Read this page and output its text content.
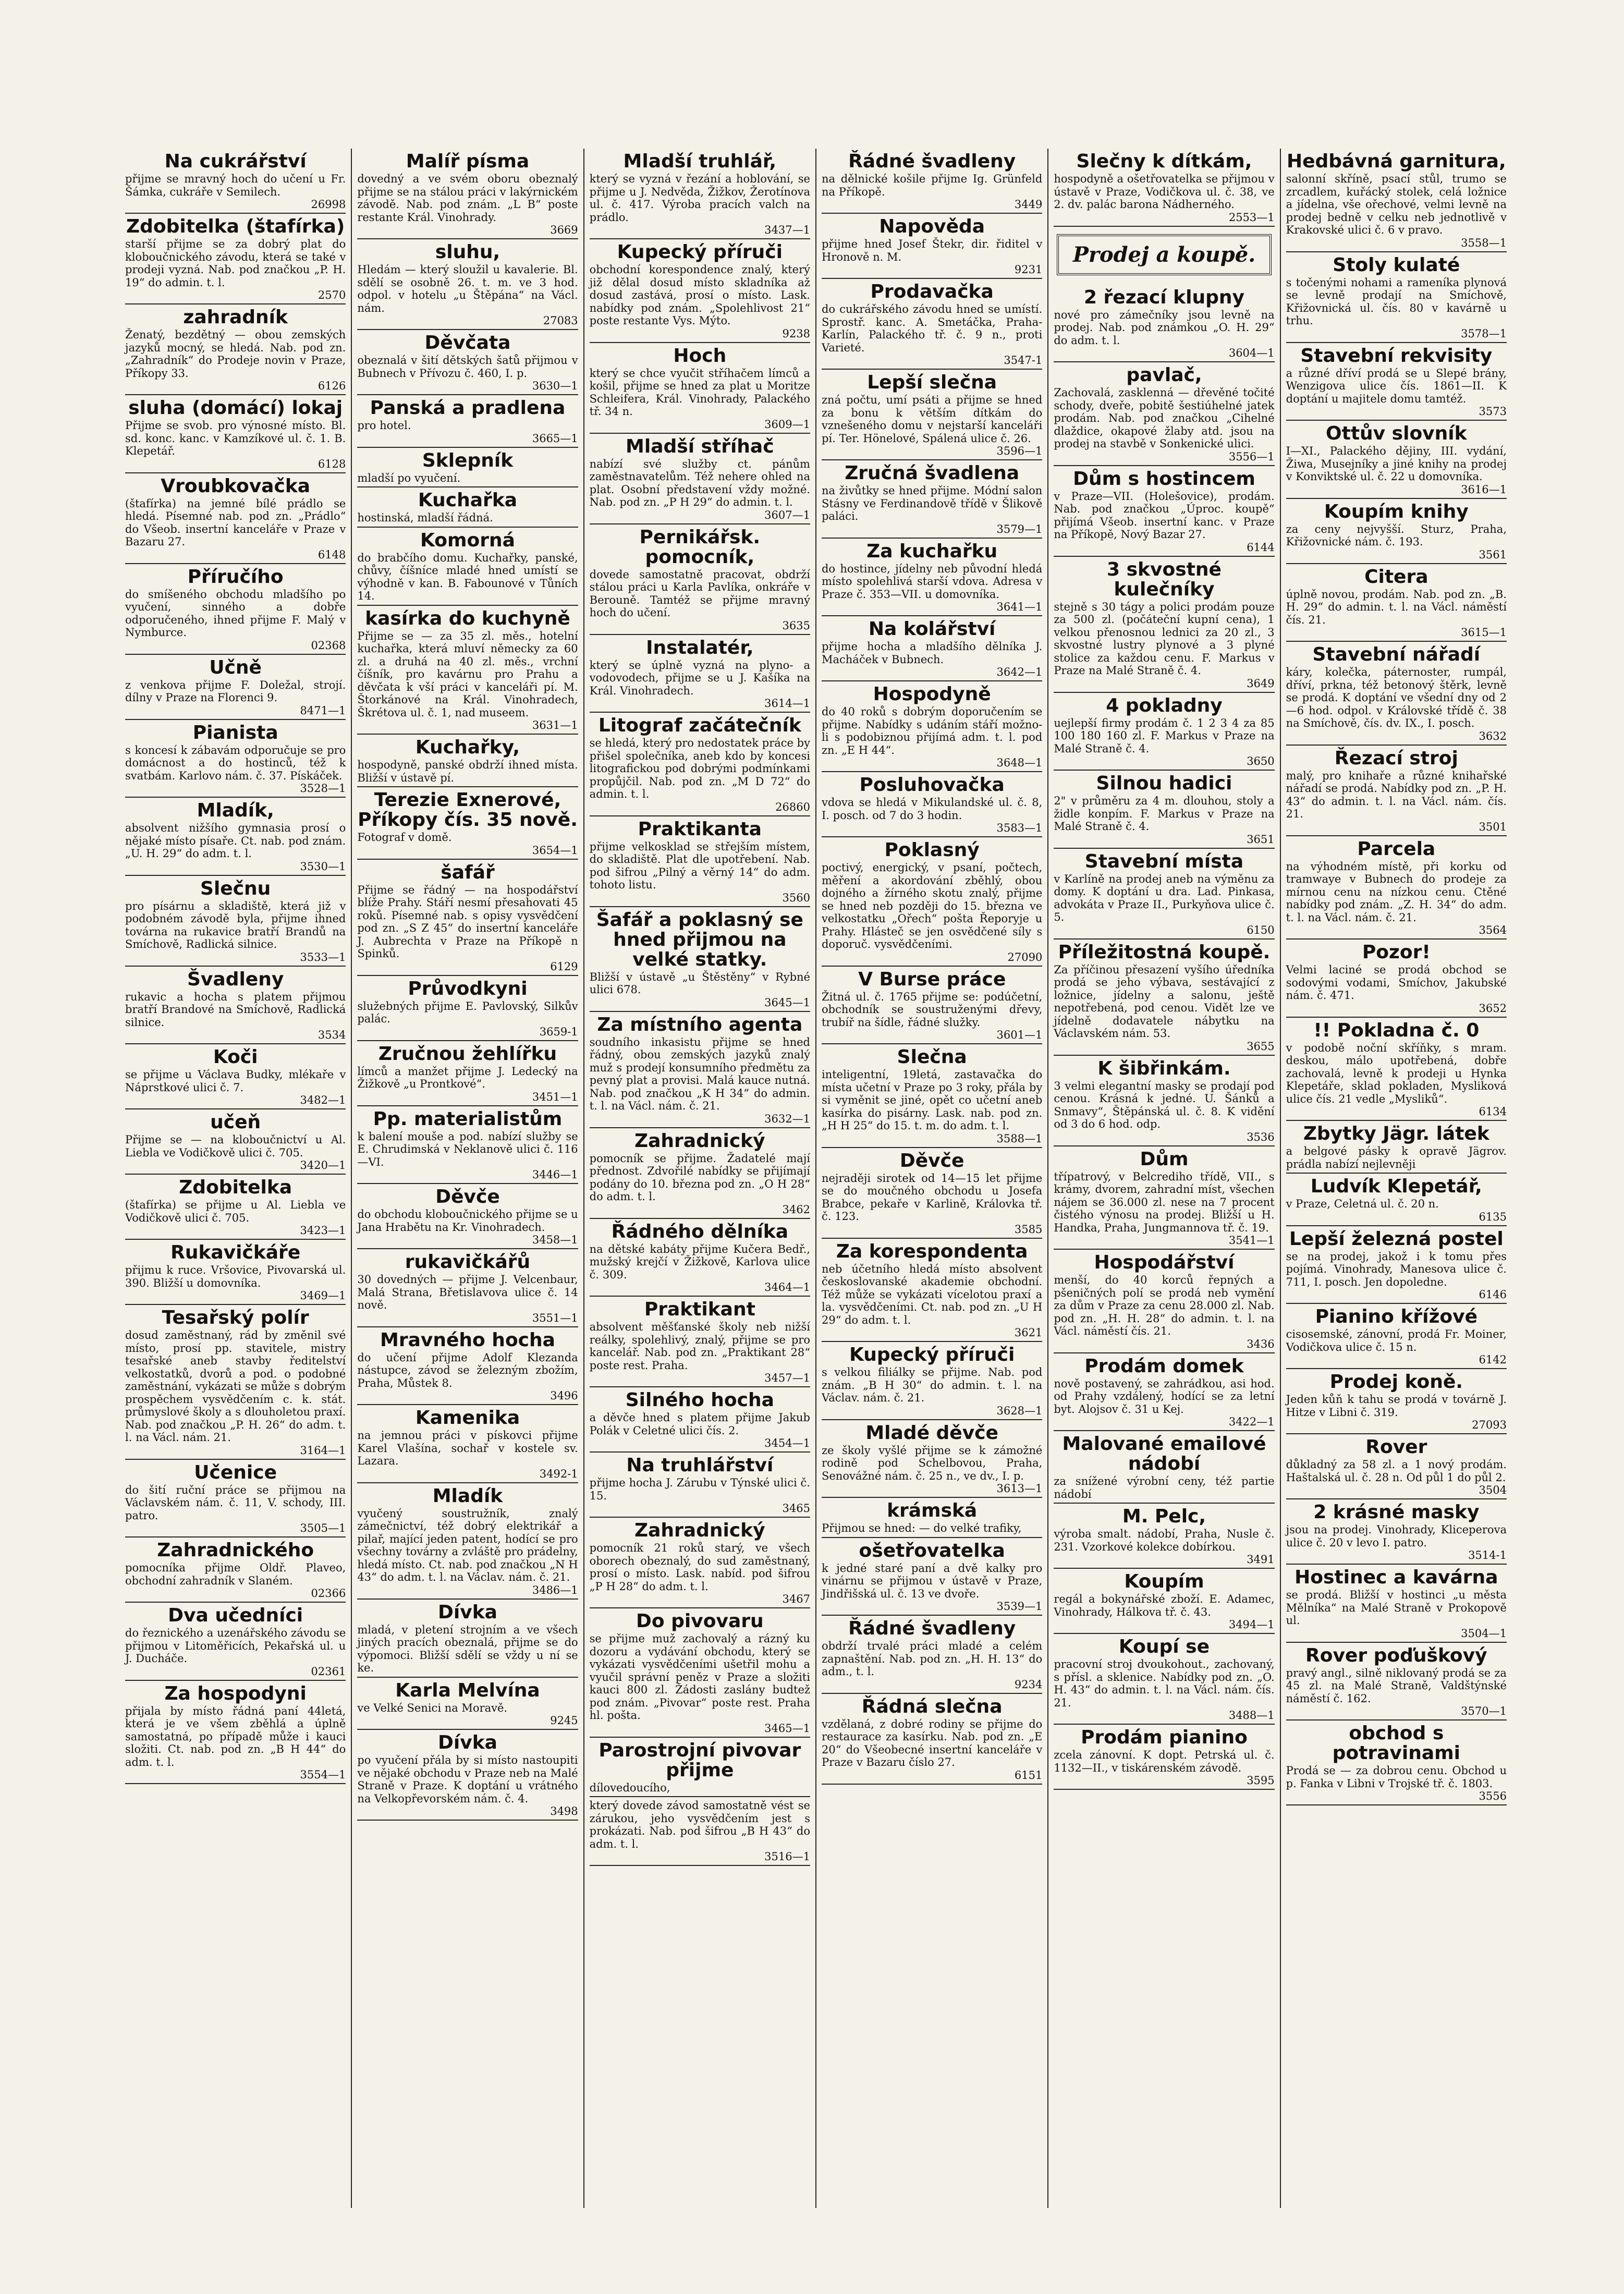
Na cukrářství
přijme se mravný hoch do učení u Fr. Šámka, cukráře v Semilech.
26998
Zdobitelka (štafírka)
starší přijme se za dobrý plat do kloboučnického závodu, která se také v prodeji vyzná. Nab. pod značkou „P. H. 19“ do admin. t. l.
2570
zahradník
Ženatý, bezdětný — obou zemských jazyků mocný, se hledá. Nab. pod zn. „Zahradník“ do Prodeje novin v Praze, Příkopy 33.
6126
sluha (domácí) lokaj
Přijme se svob. pro výnosné místo. Bl. sd. konc. kanc. v Kamzíkové ul. č. 1. B. Klepetář.
6128
Vroubkovačka
(štafírka) na jemné bílé prádlo se hledá. Písemné nab. pod zn. „Prádlo“ do Všeob. insertní kanceláře v Praze v Bazaru 27.
6148
Příručího
do smíšeného obchodu mladšího po vyučení, sinného a dobře odporučeného, ihned přijme F. Malý v Nymburce.
02368
Učně
z venkova přijme F. Doležal, strojí. dílny v Praze na Florenci 9.
8471—1
Pianista
s koncesí k zábavám odporučuje se pro domácnost a do hostinců, též k svatbám. Karlovo nám. č. 37. Pískáček.
3528—1
Mladík,
absolvent nižšího gymnasia prosí o nějaké místo písaře. Ct. nab. pod znám. „U. H. 29“ do adm. t. l.
3530—1
Slečnu
pro písárnu a skladiště, která již v podobném závodě byla, přijme ihned továrna na rukavice bratří Brandů na Smíchově, Radlická silnice.
3533—1
Švadleny
rukavic a hocha s platem přijmou bratří Brandové na Smíchově, Radlická silnice.
3534
Koči
se přijme u Václava Budky, mlékaře v Náprstkové ulici č. 7.
3482—1
učeň
Přijme se — na kloboučnictví u Al. Liebla ve Vodičkově ulici č. 705.
3420—1
Zdobitelka
(štafírka) se přijme u Al. Liebla ve Vodičkově ulici č. 705.
3423—1
Rukavičkáře
přijmu k ruce. Vršovice, Pivovarská ul. 390. Bližší u domovníka.
3469—1
Tesařský polír
dosud zaměstnaný, rád by změnil své místo, prosí pp. stavitele, mistry tesařské aneb stavby ředitelství velkostatků, dvorů a pod. o podobné zaměstnání, vykázati se může s dobrým prospěchem vysvědčením c. k. stát. průmyslové školy a s dlouholetou praxí. Nab. pod značkou „P. H. 26“ do adm. t. l. na Václ. nám. 21.
3164—1
Učenice
do šití ruční práce se přijmou na Václavském nám. č. 11, V. schody, III. patro.
3505—1
Zahradnického
pomocníka přijme Oldř. Plaveo, obchodní zahradník v Slaném.
02366
Dva učedníci
do řeznického a uzenářského závodu se přijmou v Litoměřicích, Pekařská ul. u J. Ducháče.
02361
Za hospodyni
přijala by místo řádná paní 44letá, která je ve všem zběhlá a úplně samostatná, po případě může i kauci složiti. Ct. nab. pod zn. „B H 44“ do adm. t. l.
3554—1
Malíř písma
dovedný a ve svém oboru obeznalý přijme se na stálou práci v lakýrnickém závodě. Nab. pod znám. „L B“ poste restante Král. Vinohrady.
3669
sluhu,
Hledám — který sloužil u kavalerie. Bl. sdělí se osobně 26. t. m. ve 3 hod. odpol. v hotelu „u Štěpána“ na Václ. nám.
27083
Děvčata
obeznalá v šití dětských šatů přijmou v Bubnech v Přívozu č. 460, I. p.
3630—1
Panská a pradlena
pro hotel.
3665—1
Sklepník
mladší po vyučení.
Kuchařka
hostinská, mladší řádná.
Komorná
do brabčího domu. Kuchařky, panské, chůvy, číšníce mladé hned umístí se výhodně v kan. B. Fabounové v Tůních 14.
kasírka do kuchyně
Přijme se — za 35 zl. měs., hotelní kuchařka, která mluví německy za 60 zl. a druhá na 40 zl. měs., vrchní číšník, pro kavárnu pro Prahu a děvčata k vší práci v kanceláři pí. M. Štorkánové na Král. Vinohradech, Škrétova ul. č. 1, nad museem.
3631—1
Kuchařky,
hospodyně, panské obdrží ihned místa. Bližší v ústavě pí.
Terezie Exnerové, Příkopy čís. 35 nově.
Fotograf v domě.
3654—1
šafář
Přijme se řádný — na hospodářství blíže Prahy. Stáří nesmí přesahovati 45 roků. Písemné nab. s opisy vysvědčení pod zn. „S Z 45“ do insertní kanceláře J. Aubrechta v Praze na Příkopě n Spinků.
6129
Průvodkyni
služebných přijme E. Pavlovský, Silkův palác.
3659-1
Zručnou žehlířku
límců a manžet přijme J. Ledecký na Žižkově „u Prontkové“.
3451—1
Pp. materialistům
k balení mouše a pod. nabízí služby se E. Chrudimská v Neklanově ulici č. 116—VI.
3446—1
Děvče
do obchodu kloboučnického přijme se u Jana Hrabětu na Kr. Vinohradech.
3458—1
rukavičkářů
30 dovedných — přijme J. Velcenbaur, Malá Strana, Břetislavova ulice č. 14 nově.
3551—1
Mravného hocha
do učení přijme Adolf Klezanda nástupce, závod se železným zbožím, Praha, Můstek 8.
3496
Kamenika
na jemnou práci v pískovci přijme Karel Vlašína, sochař v kostele sv. Lazara.
3492-1
Mladík
vyučený soustružník, znalý zámečnictví, též dobrý elektrikář a pilař, mající jeden patent, hodící se pro všechny továrny a zvláště pro prádelny, hledá místo. Ct. nab. pod značkou „N H 43“ do adm. t. l. na Václav. nám. č. 21.
3486—1
Dívka
mladá, v pletení strojním a ve všech jiných pracích obeznalá, přijme se do výpomoci. Bližší sdělí se vždy u ní se ke.
Karla Melvína
ve Velké Senici na Moravě.
9245
Dívka
po vyučení přála by si místo nastoupiti ve nějaké obchodu v Praze neb na Malé Straně v Praze. K doptání u vrátného na Velkopřevorském nám. č. 4.
3498
Mladší truhlář,
který se vyzná v řezání a hoblování, se přijme u J. Nedvěda, Žižkov, Žerotínova ul. č. 417. Výroba pracích valch na prádlo.
3437—1
Kupecký příruči
obchodní korespondence znalý, který již dělal dosud místo skladníka až dosud zastává, prosí o místo. Lask. nabídky pod znám. „Spolehlivost 21“ poste restante Vys. Mýto.
9238
Hoch
který se chce vyučit stříhačem límců a košil, přijme se hned za plat u Moritze Schleifera, Král. Vinohrady, Palackého tř. 34 n.
3609—1
Mladší stříhač
nabízí své služby ct. pánům zaměstnavatelům. Též nehere ohled na plat. Osobní představení vždy možné. Nab. pod zn. „P H 29“ do admin. t. l.
3607—1
Pernikářsk. pomocník,
dovede samostatně pracovat, obdrží stálou práci u Karla Pavlíka, onkráře v Berouně. Tamtéž se přijme mravný hoch do učení.
3635
Instalatér,
který se úplně vyzná na plyno- a vodovodech, přijme se u J. Kašíka na Král. Vinohradech.
3614—1
Litograf začátečník
se hledá, který pro nedostatek práce by přišel společníka, aneb kdo by koncesi litografickou pod dobrými podmínkami propůjčil. Nab. pod zn. „M D 72“ do admin. t. l.
26860
Praktikanta
přijme velkosklad se střejším místem, do skladiště. Plat dle upotřebení. Nab. pod šifrou „Pilný a věrný 14“ do adm. tohoto listu.
3560
Šafář a poklasný se hned přijmou na velké statky.
Bližší v ústavě „u Štěstěny“ v Rybné ulici 678.
3645—1
Za místního agenta
soudního inkasistu přijme se hned řádný, obou zemských jazyků znalý muž s prodejí konsumního předmětu za pevný plat a provisi. Malá kauce nutná. Nab. pod značkou „K H 34“ do admin. t. l. na Václ. nám. č. 21.
3632—1
Zahradnický
pomocník se přijme. Žadatelé mají přednost. Zdvořilé nabídky se přijímají podány do 10. března pod zn. „O H 28“ do adm. t. l.
3462
Řádného dělníka
na dětské kabáty přijme Kučera Bedř., mužský krejčí v Žižkově, Karlova ulice č. 309.
3464—1
Praktikant
absolvent měšťanské školy neb nižší reálky, spolehlivý, znalý, přijme se pro kancelář. Nab. pod zn. „Praktikant 28“ poste rest. Praha.
3457—1
Silného hocha
a děvče hned s platem přijme Jakub Polák v Celetné ulici čís. 2.
3454—1
Na truhlářství
přijme hocha J. Zárubu v Týnské ulici č. 15.
3465
Zahradnický
pomocník 21 roků starý, ve všech oborech obeznalý, do sud zaměstnaný, prosí o místo. Lask. nabíd. pod šifrou „P H 28“ do adm. t. l.
3467
Do pivovaru
se přijme muž zachovalý a rázný ku dozoru a vydávání obchodu, který se vykázati vysvědčeními ušetřil mohu a vyučil správní peněz v Praze a složiti kauci 800 zl. Žádosti zaslány budtež pod znám. „Pivovar“ poste rest. Praha hl. pošta.
3465—1
Parostrojní pivovar přijme
dílovedoucího,
který dovede závod samostatně vést se zárukou, jeho vysvědčením jest s prokázati. Nab. pod šifrou „B H 43“ do adm. t. l.
3516—1
Řádné švadleny
na dělnické košile přijme Ig. Grünfeld na Příkopě.
3449
Napověda
přijme hned Josef Štekr, dir. řiditel v Hronově n. M.
9231
Prodavačka
do cukrářského závodu hned se umístí. Sprostř. kanc. A. Smetáčka, Praha-Karlín, Palackého tř. č. 9 n., proti Varieté.
3547-1
Lepší slečna
zná počtu, umí psáti a přijme se hned za bonu k větším dítkám do vznešeného domu v nejstarší kanceláři pí. Ter. Hönelové, Spálená ulice č. 26.
3596—1
Zručná švadlena
na živůtky se hned přijme. Módní salon Stásny ve Ferdinandově třídě v Šlikově paláci.
3579—1
Za kuchařku
do hostince, jídelny neb původní hledá místo spolehlivá starší vdova. Adresa v Praze č. 353—VII. u domovníka.
3641—1
Na kolářství
přijme hocha a mladšího dělníka J. Macháček v Bubnech.
3642—1
Hospodyně
do 40 roků s dobrým doporučením se přijme. Nabídky s udáním stáří možno-li s podobiznou přijímá adm. t. l. pod zn. „E H 44“.
3648—1
Posluhovačka
vdova se hledá v Mikulandské ul. č. 8, I. posch. od 7 do 3 hodin.
3583—1
Poklasný
poctivý, energický, v psaní, počtech, měření a akordování zběhlý, obou dojného a žírného skotu znalý, přijme se hned neb později do 15. března ve velkostatku „Ořech“ pošta Řeporyje u Prahy. Hlásteč se jen osvědčené síly s doporuč. vysvědčeními.
27090
V Burse práce
Žitná ul. č. 1765 přijme se: podúčetní, obchodník se soustruženými dřevy, trubíř na šídle, řádné služky.
3601—1
Slečna
inteligentní, 19letá, zastavačka do místa učetní v Praze po 3 roky, přála by si vyměnit se jiné, opět co učetní aneb kasírka do pisárny. Lask. nab. pod zn. „H H 25“ do 15. t. m. do adm. t. l.
3588—1
Děvče
nejraději sirotek od 14—15 let přijme se do moučného obchodu u Josefa Brabce, pekaře v Karlině, Královka tř. č. 123.
3585
Za korespondenta
neb účetního hledá místo absolvent českoslovanské akademie obchodní. Též může se vykázati vícelotou praxí a la. vysvědčeními. Ct. nab. pod zn. „U H 29“ do adm. t. l.
3621
Kupecký příruči
s velkou filiálky se přijme. Nab. pod znám. „B H 30“ do admin. t. l. na Václav. nám. č. 21.
3628—1
Mladé děvče
ze školy vyšlé přijme se k zámožné rodině pod Schelbovou, Praha, Senovážné nám. č. 25 n., ve dv., I. p.
3613—1
krámská
Přijmou se hned: — do velké trafiky,
ošetřovatelka
k jedné staré paní a dvě kalky pro vinárnu se přijmou v ústavě v Praze, Jindřišská ul. č. 13 ve dvoře.
3539—1
Řádné švadleny
obdrží trvalé práci mladé a celém zapnaštění. Nab. pod zn. „H. H. 13“ do adm., t. l.
9234
Řádná slečna
vzdělaná, z dobré rodiny se přijme do restaurace za kasírku. Nab. pod zn. „E 20“ do Všeobecné insertní kanceláře v Praze v Bazaru číslo 27.
6151
Slečny k dítkám,
hospodyně a ošetřovatelka se přijmou v ústavě v Praze, Vodičkova ul. č. 38, ve 2. dv. palác barona Nádherného.
2553—1
Prodej a koupě.
2 řezací klupny
nové pro zámečníky jsou levně na prodej. Nab. pod známkou „O. H. 29“ do adm. t. l.
3604—1
pavlač,
Zachovalá, zasklenná — dřevěné točité schody, dveře, pobitě šestiúhelné jatek prodám. Nab. pod značkou „Cihelné dlaždice, okapové žlaby atd. jsou na prodej na stavbě v Sonkenické ulici.
3556—1
Dům s hostincem
v Praze—VII. (Holešovice), prodám. Nab. pod značkou „Úproc. koupě“ přijímá Všeob. insertní kanc. v Praze na Příkopě, Nový Bazar 27.
6144
3 skvostné kulečníky
stejně s 30 tágy a polici prodám pouze za 500 zl. (počáteční kupní cena), 1 velkou přenosnou lednici za 20 zl., 3 skvostné lustry plynové a 3 plyné stolice za každou cenu. F. Markus v Praze na Malé Straně č. 4.
3649
4 pokladny
uejlepší firmy prodám č. 1 2 3 4 za 85 100 180 160 zl. F. Markus v Praze na Malé Straně č. 4.
3650
Silnou hadici
2" v průměru za 4 m. dlouhou, stoly a židle konpím. F. Markus v Praze na Malé Straně č. 4.
3651
Stavební místa
v Karlíně na prodej aneb na výměnu za domy. K doptání u dra. Lad. Pinkasa, advokáta v Praze II., Purkyňova ulice č. 5.
6150
Příležitostná koupě.
Za příčinou přesazení vyšího úředníka prodá se jeho výbava, sestávající z ložnice, jídelny a salonu, ještě nepotřebená, pod cenou. Vidět lze ve jídelně dodavatele nábytku na Václavském nám. 53.
3655
K šibřinkám.
3 velmi elegantní masky se prodají pod cenou. Krásná k jedné. U. Šánků a Snmavy“, Štěpánská ul. č. 8. K vidění od 3 do 6 hod. odp.
3536
Dům
třípatrový, v Belcrediho třídě, VII., s krámy, dvorem, zahradní míst, všechen nájem se 36.000 zl. nese na 7 procent čistého výnosu na prodej. Bližší u H. Handka, Praha, Jungmannova tř. č. 19.
3541—1
Hospodářství
menší, do 40 korců řepných a pšeničných polí se prodá neb vymění za dům v Praze za cenu 28.000 zl. Nab. pod zn. „H. H. 28“ do admin. t. l. na Václ. náměstí čís. 21.
3436
Prodám domek
nově postavený, se zahrádkou, asi hod. od Prahy vzdálený, hodící se za letní byt. Alojsov č. 31 u Kej.
3422—1
Malované emailové nádobí
za snížené výrobní ceny, též partie nádobí
M. Pelc,
výroba smalt. nádobí, Praha, Nusle č. 231. Vzorkové kolekce dobírkou.
3491
Koupím
regál a bokynářské zboží. E. Adamec, Vinohrady, Hálkova tř. č. 43.
3494—1
Koupí se
pracovní stroj dvoukohout., zachovaný, s přísl. a sklenice. Nabídky pod zn. „O. H. 43“ do admin. t. l. na Václ. nám. čís. 21.
3488—1
Prodám pianino
zcela zánovní. K dopt. Petrská ul. č. 1132—II., v tiskárenském závodě.
3595
Hedbávná garnitura,
salonní skříně, psací stůl, trumo se zrcadlem, kuřácký stolek, celá ložnice a jídelna, vše ořechové, velmi levně na prodej bedně v celku neb jednotlivě v Krakovské ulici č. 6 v pravo.
3558—1
Stoly kulaté
s točenými nohami a rameníka plynová se levně prodají na Smíchově, Křižovnická ul. čís. 80 v kavárně u trhu.
3578—1
Stavební rekvisity
a různé dříví prodá se u Slepé brány, Wenzigova ulice čís. 1861—II. K doptání u majitele domu tamtéž.
3573
Ottův slovník
I—XI., Palackého dějiny, III. vydání, Žiwa, Musejníky a jiné knihy na prodej v Konviktské ul. č. 22 u domovníka.
3616—1
Koupím knihy
za ceny nejvyšší. Sturz, Praha, Křižovnické nám. č. 193.
3561
Citera
úplně novou, prodám. Nab. pod zn. „B. H. 29“ do admin. t. l. na Václ. náměstí čís. 21.
3615—1
Stavební nářadí
káry, kolečka, páternoster, rumpál, dříví, prkna, též betonový štěrk, levně se prodá. K doptání ve všední dny od 2—6 hod. odpol. v Královské třídě č. 38 na Smíchově, čís. dv. IX., I. posch.
3632
Řezací stroj
malý, pro knihaře a různé knihařské nářadí se prodá. Nabídky pod zn. „P. H. 43“ do admin. t. l. na Václ. nám. čís. 21.
3501
Parcela
na výhodném místě, při korku od tramwaye v Bubnech do prodeje za mírnou cenu na nízkou cenu. Ctěné nabídky pod znám. „Z. H. 34“ do adm. t. l. na Václ. nám. č. 21.
3564
Pozor!
Velmi laciné se prodá obchod se sodovými vodami, Smíchov, Jakubské nám. č. 471.
3652
!! Pokladna č. 0
v podobě noční skříňky, s mram. deskou, málo upotřebená, dobře zachovalá, levně k prodeji u Hynka Klepetáře, sklad pokladen, Mysliková ulice čís. 21 vedle „Mysliků“.
6134
Zbytky Jägr. látek
a belgové pásky k opravě Jägrov. prádla nabízí nejlevněji
Ludvík Klepetář,
v Praze, Celetná ul. č. 20 n.
6135
Lepší železná postel
se na prodej, jakož i k tomu přes pojímá. Vinohrady, Manesova ulice č. 711, I. posch. Jen dopoledne.
6146
Pianino křížové
cisosemské, zánovní, prodá Fr. Moiner, Vodičkova ulice č. 15 n.
6142
Prodej koně.
Jeden kůň k tahu se prodá v továrně J. Hitze v Libni č. 319.
27093
Rover
důkladný za 58 zl. a 1 nový prodám. Haštalská ul. č. 28 n. Od půl 1 do půl 2.
3504
2 krásné masky
jsou na prodej. Vinohrady, Kliceperova ulice č. 20 v levo I. patro.
3514-1
Hostinec a kavárna
se prodá. Bližší v hostinci „u města Mělníka“ na Malé Straně v Prokopově ul.
3504—1
Rover poďuškový
pravý angl., silně niklovaný prodá se za 45 zl. na Malé Straně, Valdštýnské náměstí č. 162.
3570—1
obchod s potravinami
Prodá se — za dobrou cenu. Obchod u p. Fanka v Libni v Trojské tř. č. 1803.
3556
